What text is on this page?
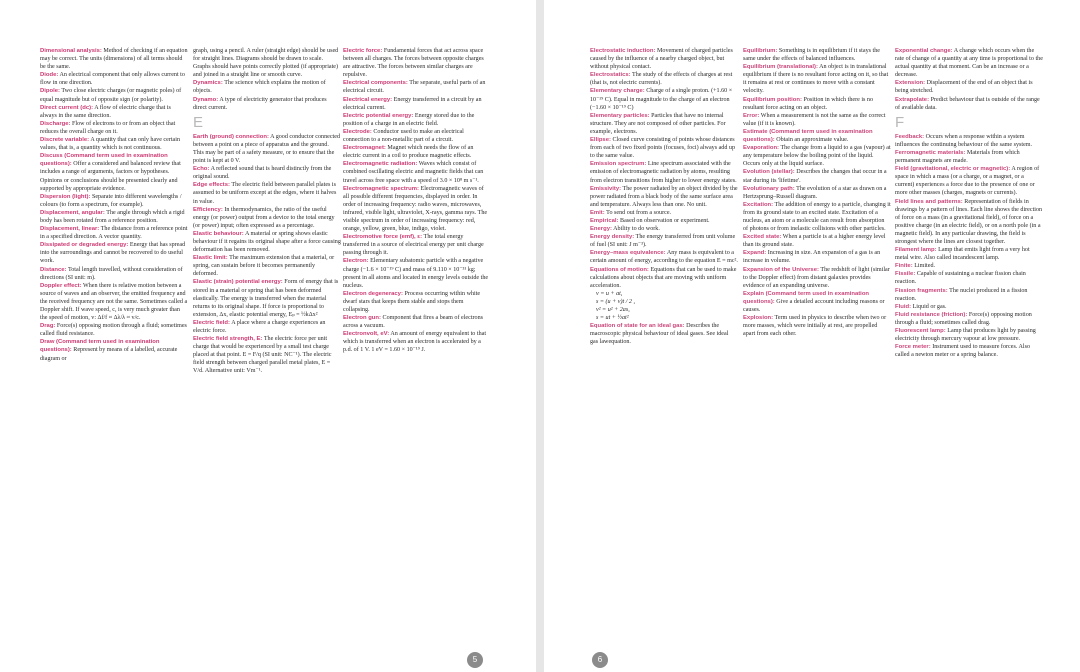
Dimensional analysis: Method of checking if an equation may be correct. The units (dimensions) of all terms should be the same.

Diode: An electrical component that only allows current to flow in one direction.

Dipole: Two close electric charges (or magnetic poles) of equal magnitude but of opposite sign (or polarity).

Direct current (dc): A flow of electric charge that is always in the same direction.

Discharge: Flow of electrons to or from an object that reduces the overall charge on it.

Discrete variable: A quantity that can only have certain values, that is, a quantity which is not continuous.

Discuss (Command term used in examination questions): Offer a considered and balanced review that includes a range of arguments, factors or hypotheses. Opinions or conclusions should be presented clearly and supported by appropriate evidence.

Dispersion (light): Separate into different wavelengths / colours (to form a spectrum, for example).

Displacement, angular: The angle through which a rigid body has been rotated from a reference position.

Displacement, linear: The distance from a reference point in a specified direction. A vector quantity.

Dissipated or degraded energy: Energy that has spread into the surroundings and cannot be recovered to do useful work.

Distance: Total length travelled, without consideration of directions (SI unit: m).

Doppler effect: When there is relative motion between a source of waves and an observer, the emitted frequency and the received frequency are not the same. Sometimes called a Doppler shift. If wave speed, c, is very much greater than the speed of motion, v: Δf/f ≈ Δλ/λ ≈ v/c.

Drag: Force(s) opposing motion through a fluid; sometimes called fluid resistance.

Draw (Command term used in examination questions): Represent by means of a labelled, accurate diagram or

graph, using a pencil. A ruler (straight edge) should be used for straight lines. Diagrams should be drawn to scale. Graphs should have points correctly plotted (if appropriate) and joined in a straight line or smooth curve.

Dynamics: The science which explains the motion of objects.

Dynamo: A type of electricity generator that produces direct current.

E

Earth (ground) connection: A good conductor connected between a point on a piece of apparatus and the ground. This may be part of a safety measure, or to ensure that the point is kept at 0 V.

Echo: A reflected sound that is heard distinctly from the original sound.

Edge effects: The electric field between parallel plates is assumed to be uniform except at the edges, where it halves in value.

Efficiency: In thermodynamics, the ratio of the useful energy (or power) output from a device to the total energy (or power) input; often expressed as a percentage.

Elastic behaviour: A material or spring shows elastic behaviour if it regains its original shape after a force causing deformation has been removed.

Elastic limit: The maximum extension that a material, or spring, can sustain before it becomes permanently deformed.

Elastic (strain) potential energy: Form of energy that is stored in a material or spring that has been deformed elastically. The energy is transferred when the material returns to its original shape. If force is proportional to extension, Δx, elastic potential energy, Eₚ = ½kΔx²

Electric field: A place where a charge experiences an electric force.

Electric field strength, E: The electric force per unit charge that would be experienced by a small test charge placed at that point. E = F/q (SI unit: NC⁻¹). The electric field strength between charged parallel metal plates, E = V/d. Alternative unit: Vm⁻¹.

Electric force: Fundamental forces that act across space between all charges. The forces between opposite charges are attractive. The forces between similar charges are repulsive.

Electrical components: The separate, useful parts of an electrical circuit.

Electrical energy: Energy transferred in a circuit by an electrical current.

Electric potential energy: Energy stored due to the position of a charge in an electric field.

Electrode: Conductor used to make an electrical connection to a non-metallic part of a circuit.

Electromagnet: Magnet which needs the flow of an electric current in a coil to produce magnetic effects.

Electromagnetic radiation: Waves which consist of combined oscillating electric and magnetic fields that can travel across free space with a speed of 3.0 × 10⁸ m s⁻¹.

Electromagnetic spectrum: Electromagnetic waves of all possible different frequencies, displayed in order. In order of increasing frequency: radio waves, microwaves, infrared, visible light, ultraviolet, X-rays, gamma rays. The visible spectrum in order of increasing frequency: red, orange, yellow, green, blue, indigo, violet.

Electromotive force (emf), ε: The total energy transferred in a source of electrical energy per unit charge passing through it.

Electron: Elementary subatomic particle with a negative charge (−1.6 × 10⁻¹⁹ C) and mass of 9.110 × 10⁻³¹ kg; present in all atoms and located in energy levels outside the nucleus.

Electron degeneracy: Process occurring within white dwarf stars that keeps them stable and stops them collapsing.

Electron gun: Component that fires a beam of electrons across a vacuum.

Electronvolt, eV: An amount of energy equivalent to that which is transferred when an electron is accelerated by a p.d. of 1 V. 1 eV = 1.60 × 10⁻¹⁹ J.

5

Electrostatic induction: Movement of charged particles caused by the influence of a nearby charged object, but without physical contact.

Electrostatics: The study of the effects of charges at rest (that is, not electric currents).

Elementary charge: Charge of a single proton. (+1.60 × 10⁻¹⁹ C). Equal in magnitude to the charge of an electron (−1.60 × 10⁻¹⁹ C)

Elementary particles: Particles that have no internal structure. They are not composed of other particles. For example, electrons.

Ellipse: Closed curve consisting of points whose distances from each of two fixed points (focuses, foci) always add up to the same value.

Emission spectrum: Line spectrum associated with the emission of electromagnetic radiation by atoms, resulting from electron transitions from higher to lower energy states.

Emissivity: The power radiated by an object divided by the power radiated from a black body of the same surface area and temperature. Always less than one. No unit.

Emit: To send out from a source.

Empirical: Based on observation or experiment.

Energy: Ability to do work.

Energy density: The energy transferred from unit volume of fuel (SI unit: J m⁻³).

Energy–mass equivalence: Any mass is equivalent to a certain amount of energy, according to the equation E = mc².

Equations of motion: Equations that can be used to make calculations about objects that are moving with uniform acceleration.

v = u + at,
s = (u + v)t / 2 ,
v² = u² + 2as,
s = ut + ½at²

Equation of state for an ideal gas: Describes the macroscopic physical behaviour of ideal gases. See ideal gas lawequation.

Equilibrium: Something is in equilibrium if it stays the same under the effects of balanced influences.

Equilibrium (translational): An object is in translational equilibrium if there is no resultant force acting on it, so that it remains at rest or continues to move with a constant velocity.

Equilibrium position: Position in which there is no resultant force acting on an object.

Error: When a measurement is not the same as the correct value (if it is known).

Estimate (Command term used in examination questions): Obtain an approximate value.

Evaporation: The change from a liquid to a gas (vapour) at any temperature below the boiling point of the liquid. Occurs only at the liquid surface.

Evolution (stellar): Describes the changes that occur in a star during its 'lifetime'.

Evolutionary path: The evolution of a star as drawn on a Hertzsprung–Russell diagram.

Excitation: The addition of energy to a particle, changing it from its ground state to an excited state. Excitation of a nucleus, an atom or a molecule can result from absorption of photons or from inelastic collisions with other particles.

Excited state: When a particle is at a higher energy level than its ground state.

Expand: Increasing in size. An expansion of a gas is an increase in volume.

Expansion of the Universe: The redshift of light (similar to the Doppler effect) from distant galaxies provides evidence of an expanding universe.

Explain (Command term used in examination questions): Give a detailed account including reasons or causes.

Explosion: Term used in physics to describe when two or more masses, which were initially at rest, are propelled apart from each other.

Exponential change: A change which occurs when the rate of change of a quantity at any time is proportional to the actual quantity at that moment. Can be an increase or a decrease.

Extension: Displacement of the end of an object that is being stretched.

Extrapolate: Predict behaviour that is outside of the range of available data.

F

Feedback: Occurs when a response within a system influences the continuing behaviour of the same system.

Ferromagnetic materials: Materials from which permanent magnets are made.

Field (gravitational, electric or magnetic): A region of space in which a mass (or a charge, or a magnet, or a current) experiences a force due to the presence of one or more other masses (charges, magnets or currents).

Field lines and patterns: Representation of fields in drawings by a pattern of lines. Each line shows the direction of force on a mass (in a gravitational field), of force on a positive charge (in an electric field), or on a north pole (in a magnetic field). In any particular drawing, the field is strongest where the lines are closest together.

Filament lamp: Lamp that emits light from a very hot metal wire. Also called incandescent lamp.

Finite: Limited.

Fissile: Capable of sustaining a nuclear fission chain reaction.

Fission fragments: The nuclei produced in a fission reaction.

Fluid: Liquid or gas.

Fluid resistance (friction): Force(s) opposing motion through a fluid; sometimes called drag.

Fluorescent lamp: Lamp that produces light by passing electricity through mercury vapour at low pressure.

Force meter: Instrument used to measure forces. Also called a newton meter or a spring balance.

6
